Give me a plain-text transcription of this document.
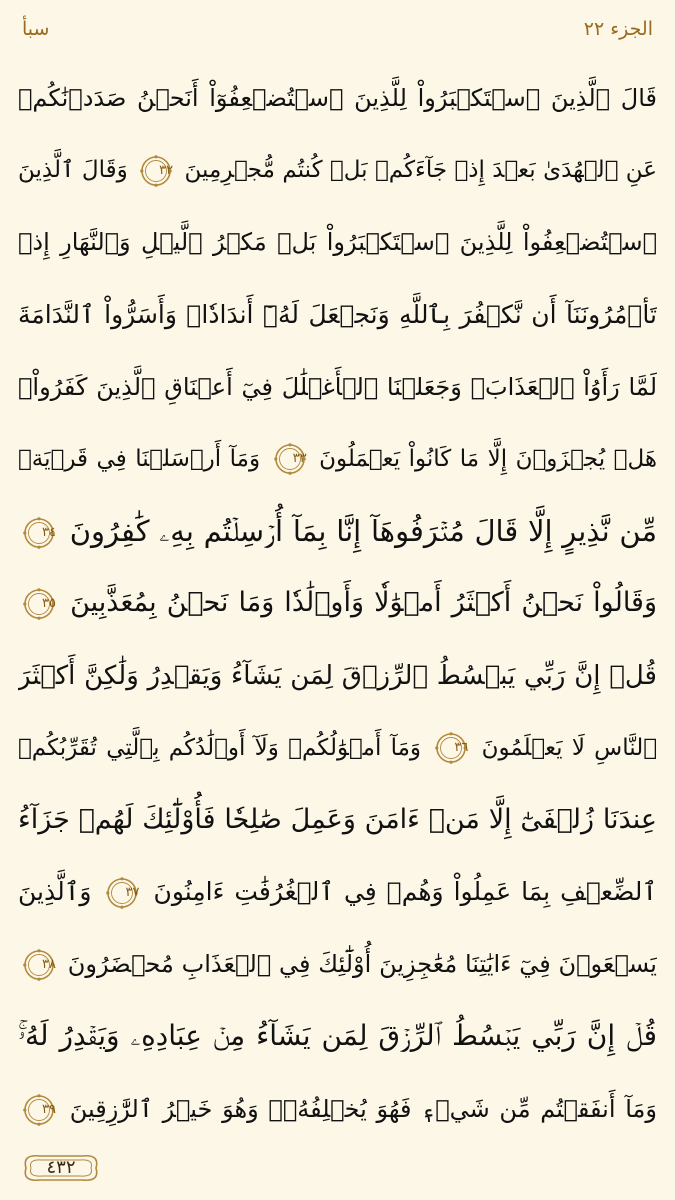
سبأ	الجزء ٢٢
قَالَ ٱلَّذِينَ ٱسۡتَكۡبَرُواْ لِلَّذِينَ ٱسۡتُضۡعِفُوٓاْ أَنَحۡنُ صَدَدۡنَٰكُمۡ
عَنِ ٱلۡهُدَىٰ بَعۡدَ إِذۡ جَآءَكُمۖ بَلۡ كُنتُم مُّجۡرِمِينَ
٣٢ وَقَالَ ٱلَّذِينَ
ٱسۡتُضۡعِفُواْ لِلَّذِينَ ٱسۡتَكۡبَرُواْ بَلۡ مَكۡرُ ٱلَّيۡلِ وَٱلنَّهَارِ إِذۡ
تَأۡمُرُونَنَآ أَن نَّكۡفُرَ بِٱللَّهِ وَنَجۡعَلَ لَهُۥٓ أَندَادٗاۚ وَأَسَرُّواْ ٱلنَّدَامَةَ
لَمَّا رَأَوُاْ ٱلۡعَذَابَۚ وَجَعَلۡنَا ٱلۡأَغۡلَٰلَ فِيٓ أَعۡنَاقِ ٱلَّذِينَ كَفَرُواْۖ
هَلۡ يُجۡزَوۡنَ إِلَّا مَا كَانُواْ يَعۡمَلُونَ
٣٣ وَمَآ أَرۡسَلۡنَا فِي قَرۡيَةٖ
مِّن نَّذِيرٍ إِلَّا قَالَ مُتۡرَفُوهَآ إِنَّا بِمَآ أُرۡسِلۡتُم بِهِۦ كَٰفِرُونَ
٣٤
وَقَالُواْ نَحۡنُ أَكۡثَرُ أَمۡوَٰلٗا وَأَوۡلَٰدٗا وَمَا نَحۡنُ بِمُعَذَّبِينَ
٣٥
قُلۡ إِنَّ رَبِّي يَبۡسُطُ ٱلرِّزۡقَ لِمَن يَشَآءُ وَيَقۡدِرُ وَلَٰكِنَّ أَكۡثَرَ
ٱلنَّاسِ لَا يَعۡلَمُونَ
٣٦ وَمَآ أَمۡوَٰلُكُمۡ وَلَآ أَوۡلَٰدُكُم بِٱلَّتِي تُقَرِّبُكُمۡ
عِندَنَا زُلۡفَىٰٓ إِلَّا مَنۡ ءَامَنَ وَعَمِلَ صَٰلِحٗا فَأُوْلَٰٓئِكَ لَهُمۡ جَزَآءُ
ٱلضِّعۡفِ بِمَا عَمِلُواْ وَهُمۡ فِي ٱلۡغُرُفَٰتِ ءَامِنُونَ
٣٧ وَٱلَّذِينَ
يَسۡعَوۡنَ فِيٓ ءَايَٰتِنَا مُعَٰجِزِينَ أُوْلَٰٓئِكَ فِي ٱلۡعَذَابِ مُحۡضَرُونَ
٣٨
قُلۡ إِنَّ رَبِّي يَبۡسُطُ ٱلرِّزۡقَ لِمَن يَشَآءُ مِنۡ عِبَادِهِۦ وَيَقۡدِرُ لَهُۥۚ
وَمَآ أَنفَقۡتُم مِّن شَيۡءٖ فَهُوَ يُخۡلِفُهُۥۖ وَهُوَ خَيۡرُ ٱلرَّٰزِقِينَ
٣٩
٤٣٢
